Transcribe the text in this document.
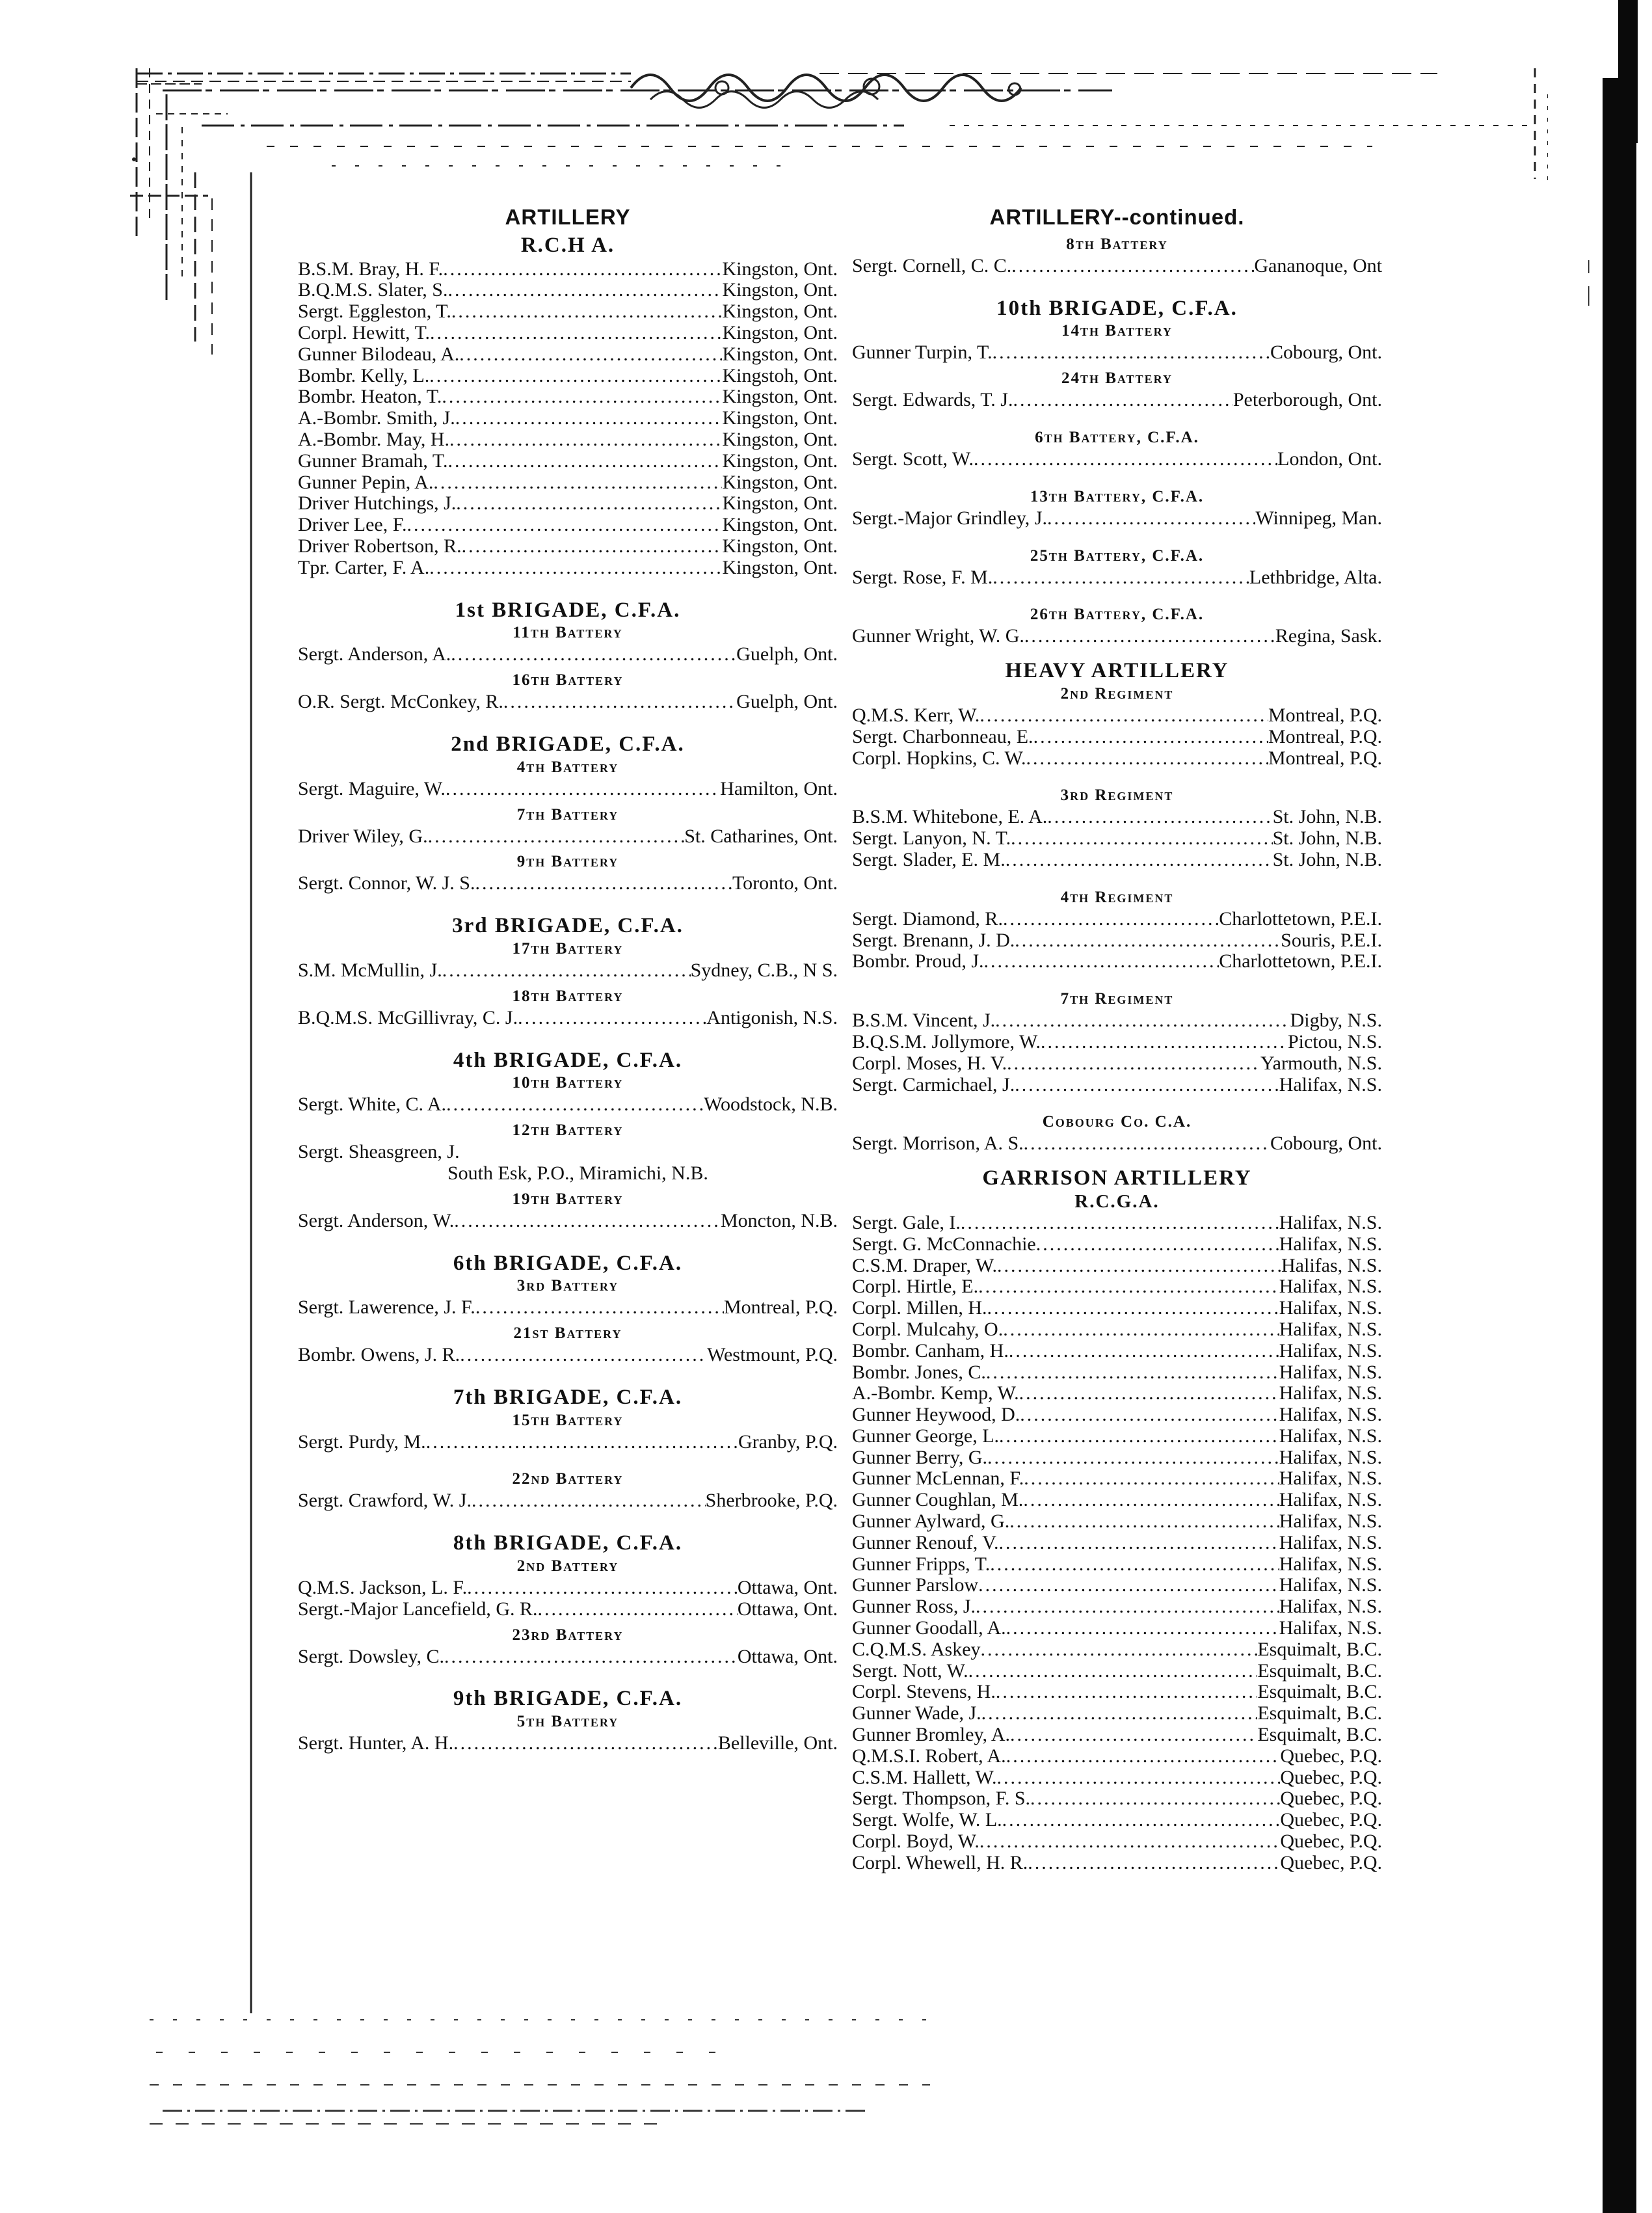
ARTILLERY
R.C.H A.
B.S.M. Bray, H. F. .....	Kingston, Ont.
B.Q.M.S. Slater, S. .....	Kingston, Ont.
Sergt. Eggleston, T. .....	Kingston, Ont.
Corpl. Hewitt, T. .....	Kingston, Ont.
Gunner Bilodeau, A. .....	Kingston, Ont.
Bombr. Kelly, L. .....	Kingstoh, Ont.
Bombr. Heaton, T. .....	Kingston, Ont.
A.-Bombr. Smith, J. .....	Kingston, Ont.
A.-Bombr. May, H. .....	Kingston, Ont.
Gunner Bramah, T. .....	Kingston, Ont.
Gunner Pepin, A. .....	Kingston, Ont.
Driver Hutchings, J. .....	Kingston, Ont.
Driver Lee, F. .....	Kingston, Ont.
Driver Robertson, R. .....	Kingston, Ont.
Tpr. Carter, F. A. .....	Kingston, Ont.
1st BRIGADE, C.F.A.
11th Battery
Sergt. Anderson, A. .....	Guelph, Ont.
16th Battery
O.R. Sergt. McConkey, R. .....	Guelph, Ont.
2nd BRIGADE, C.F.A.
4th Battery
Sergt. Maguire, W. .....	Hamilton, Ont.
7th Battery
Driver Wiley, G. .....	St. Catharines, Ont.
9th Battery
Sergt. Connor, W. J. S. .....	Toronto, Ont.
3rd BRIGADE, C.F.A.
17th Battery
S.M. McMullin, J. .....	Sydney, C.B., N S.
18th Battery
B.Q.M.S. McGillivray, C. J. .....	Antigonish, N.S.
4th BRIGADE, C.F.A.
10th Battery
Sergt. White, C. A. .....	Woodstock, N.B.
12th Battery
Sergt. Sheasgreen, J.
South Esk, P.O., Miramichi, N.B.
19th Battery
Sergt. Anderson, W. .....	Moncton, N.B.
6th BRIGADE, C.F.A.
3rd Battery
Sergt. Lawerence, J. F. .....	Montreal, P.Q.
21st Battery
Bombr. Owens, J. R. .....	Westmount, P.Q.
7th BRIGADE, C.F.A.
15th Battery
Sergt. Purdy, M. .....	Granby, P.Q.
22nd Battery
Sergt. Crawford, W. J. .....	Sherbrooke, P.Q.
8th BRIGADE, C.F.A.
2nd Battery
Q.M.S. Jackson, L. F. .....	Ottawa, Ont.
Sergt.-Major Lancefield, G. R. .....	Ottawa, Ont.
23rd Battery
Sergt. Dowsley, C. .....	Ottawa, Ont.
9th BRIGADE, C.F.A.
5th Battery
Sergt. Hunter, A. H. .....	Belleville, Ont.
ARTILLERY--continued.
8th Battery
Sergt. Cornell, C. C. .....	Gananoque, Ont
10th BRIGADE, C.F.A.
14th Battery
Gunner Turpin, T. .....	Cobourg, Ont.
24th Battery
Sergt. Edwards, T. J. .....	Peterborough, Ont.
6th Battery, C.F.A.
Sergt. Scott, W. .....	London, Ont.
13th Battery, C.F.A.
Sergt.-Major Grindley, J. .....	Winnipeg, Man.
25th Battery, C.F.A.
Sergt. Rose, F. M. .....	Lethbridge, Alta.
26th Battery, C.F.A.
Gunner Wright, W. G. .....	Regina, Sask.
HEAVY ARTILLERY
2nd Regiment
Q.M.S. Kerr, W. .....	Montreal, P.Q.
Sergt. Charbonneau, E. .....	Montreal, P.Q.
Corpl. Hopkins, C. W. .....	Montreal, P.Q.
3rd Regiment
B.S.M. Whitebone, E. A. .....	St. John, N.B.
Sergt. Lanyon, N. T. .....	St. John, N.B.
Sergt. Slader, E. M. .....	St. John, N.B.
4th Regiment
Sergt. Diamond, R. .....	Charlottetown, P.E.I.
Sergt. Brenann, J. D. .....	Souris, P.E.I.
Bombr. Proud, J. .....	Charlottetown, P.E.I.
7th Regiment
B.S.M. Vincent, J. .....	Digby, N.S.
B.Q.S.M. Jollymore, W. .....	Pictou, N.S.
Corpl. Moses, H. V. .....	Yarmouth, N.S.
Sergt. Carmichael, J. .....	Halifax, N.S.
Cobourg Co. C.A.
Sergt. Morrison, A. S. .....	Cobourg, Ont.
GARRISON ARTILLERY
R.C.G.A.
Sergt. Gale, I. .....	Halifax, N.S.
Sergt. G. McConnachie .....	Halifax, N.S.
C.S.M. Draper, W. .....	Halifas, N.S.
Corpl. Hirtle, E. .....	Halifax, N.S.
Corpl. Millen, H. .....	Halifax, N.S.
Corpl. Mulcahy, O. .....	Halifax, N.S.
Bombr. Canham, H. .....	Halifax, N.S.
Bombr. Jones, C. .....	Halifax, N.S.
A.-Bombr. Kemp, W. .....	Halifax, N.S.
Gunner Heywood, D. .....	Halifax, N.S.
Gunner George, L. .....	Halifax, N.S.
Gunner Berry, G. .....	Halifax, N.S.
Gunner McLennan, F. .....	Halifax, N.S.
Gunner Coughlan, M. .....	Halifax, N.S.
Gunner Aylward, G. .....	Halifax, N.S.
Gunner Renouf, V. .....	Halifax, N.S.
Gunner Fripps, T. .....	Halifax, N.S.
Gunner Parslow .....	Halifax, N.S.
Gunner Ross, J. .....	Halifax, N.S.
Gunner Goodall, A. .....	Halifax, N.S.
C.Q.M.S. Askey .....	Esquimalt, B.C.
Sergt. Nott, W. .....	Esquimalt, B.C.
Corpl. Stevens, H. .....	Esquimalt, B.C.
Gunner Wade, J. .....	Esquimalt, B.C.
Gunner Bromley, A. .....	Esquimalt, B.C.
Q.M.S.I. Robert, A. .....	Quebec, P.Q.
C.S.M. Hallett, W. .....	Quebec, P.Q.
Sergt. Thompson, F. S. .....	Quebec, P.Q.
Sergt. Wolfe, W. L. .....	Quebec, P.Q.
Corpl. Boyd, W. .....	Quebec, P.Q.
Corpl. Whewell, H. R. .....	Quebec, P.Q.
